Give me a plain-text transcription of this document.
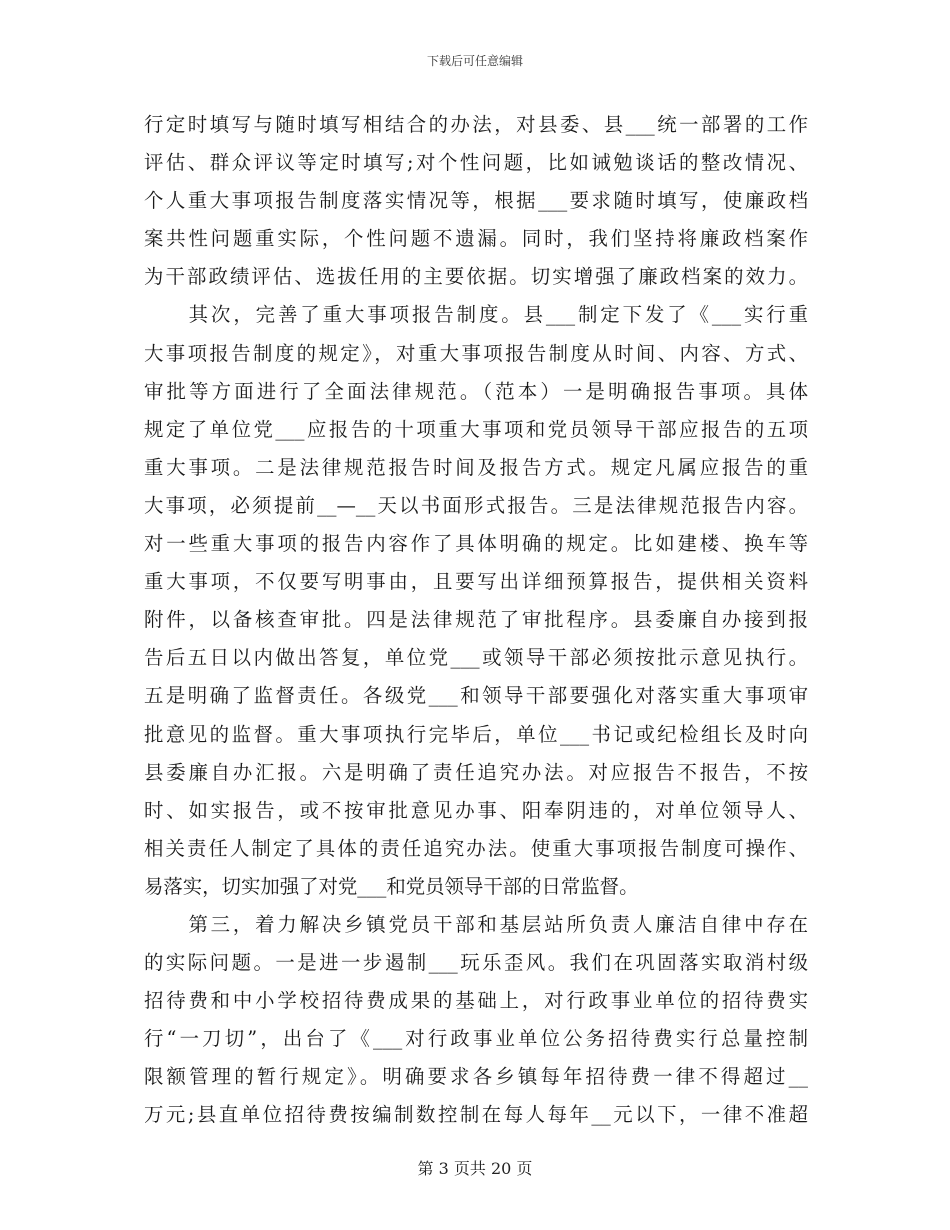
下载后可任意编辑
行定时填写与随时填写相结合的办法，对县委、县___统一部署的工作
评估、群众评议等定时填写;对个性问题，比如诫勉谈话的整改情况、
个人重大事项报告制度落实情况等，根据___要求随时填写，使廉政档
案共性问题重实际，个性问题不遗漏。同时，我们坚持将廉政档案作
为干部政绩评估、选拔任用的主要依据。切实增强了廉政档案的效力。
　　其次，完善了重大事项报告制度。县___制定下发了《___实行重
大事项报告制度的规定》，对重大事项报告制度从时间、内容、方式、
审批等方面进行了全面法律规范。（范本）一是明确报告事项。具体
规定了单位党___应报告的十项重大事项和党员领导干部应报告的五项
重大事项。二是法律规范报告时间及报告方式。规定凡属应报告的重
大事项，必须提前__—__天以书面形式报告。三是法律规范报告内容。
对一些重大事项的报告内容作了具体明确的规定。比如建楼、换车等
重大事项，不仅要写明事由，且要写出详细预算报告，提供相关资料
附件，以备核查审批。四是法律规范了审批程序。县委廉自办接到报
告后五日以内做出答复，单位党___或领导干部必须按批示意见执行。
五是明确了监督责任。各级党___和领导干部要强化对落实重大事项审
批意见的监督。重大事项执行完毕后，单位___书记或纪检组长及时向
县委廉自办汇报。六是明确了责任追究办法。对应报告不报告，不按
时、如实报告，或不按审批意见办事、阳奉阴违的，对单位领导人、
相关责任人制定了具体的责任追究办法。使重大事项报告制度可操作、
易落实，切实加强了对党___和党员领导干部的日常监督。
　　第三，着力解决乡镇党员干部和基层站所负责人廉洁自律中存在
的实际问题。一是进一步遏制___玩乐歪风。我们在巩固落实取消村级
招待费和中小学校招待费成果的基础上，对行政事业单位的招待费实
行“一刀切”，出台了《___对行政事业单位公务招待费实行总量控制
限额管理的暂行规定》。明确要求各乡镇每年招待费一律不得超过__
万元;县直单位招待费按编制数控制在每人每年__元以下，一律不准超
第 3 页共 20 页
